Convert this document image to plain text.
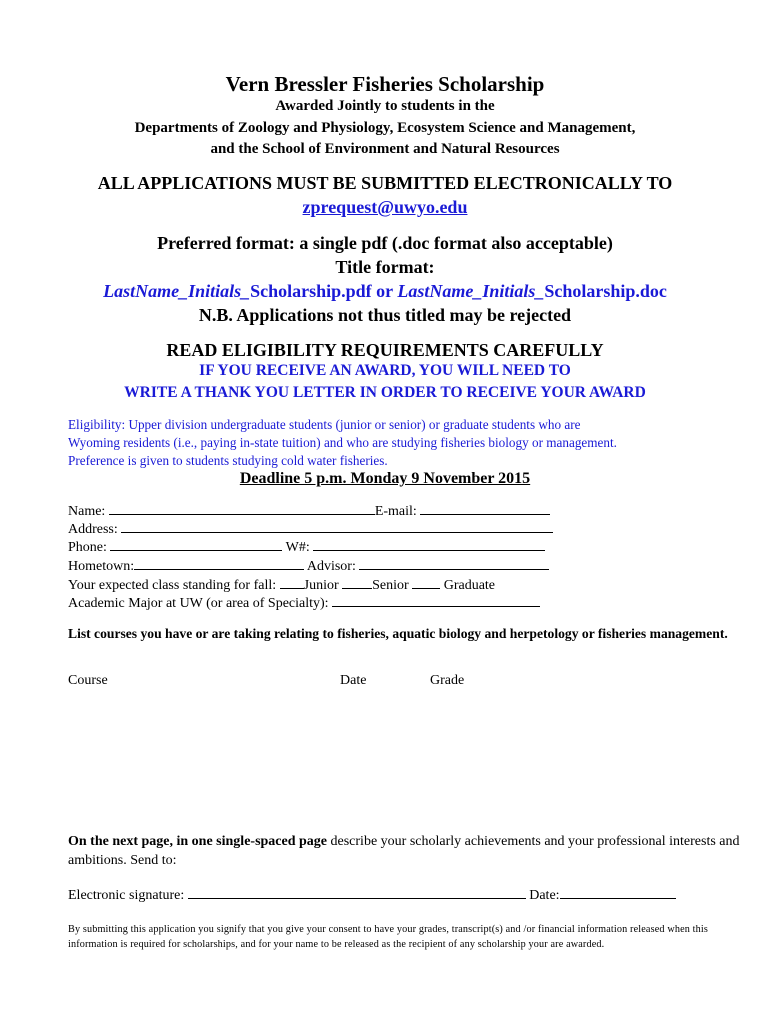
Vern Bressler Fisheries Scholarship
Awarded Jointly to students in the
Departments of Zoology and Physiology, Ecosystem Science and Management,
and the School of Environment and Natural Resources
ALL APPLICATIONS MUST BE SUBMITTED ELECTRONICALLY TO
zprequest@uwyo.edu
Preferred format: a single pdf (.doc format also acceptable)
Title format:
LastName_Initials_Scholarship.pdf or LastName_Initials_Scholarship.doc
N.B. Applications not thus titled may be rejected
READ ELIGIBILITY REQUIREMENTS CAREFULLY
IF YOU RECEIVE AN AWARD, YOU WILL NEED TO
WRITE A THANK YOU LETTER IN ORDER TO RECEIVE YOUR AWARD
Eligibility: Upper division undergraduate students (junior or senior) or graduate students who are
Wyoming residents (i.e., paying in-state tuition) and who are studying fisheries biology or management.
Preference is given to students studying cold water fisheries.
Deadline 5 p.m. Monday 9 November 2015
Name:	E-mail:
Address:
Phone:	W#:
Hometown:	Advisor:
Your expected class standing for fall: Junior Senior  Graduate
Academic Major at UW (or area of Specialty):
List courses you have or are taking relating to fisheries, aquatic biology and herpetology or fisheries management.
Course	Date	Grade
On the next page, in one single-spaced page describe your scholarly achievements and your professional interests and ambitions. Send to:
Electronic signature:	Date:
By submitting this application you signify that you give your consent to have your grades, transcript(s) and /or financial information released when this information is required for scholarships, and for your name to be released as the recipient of any scholarship your are awarded.
